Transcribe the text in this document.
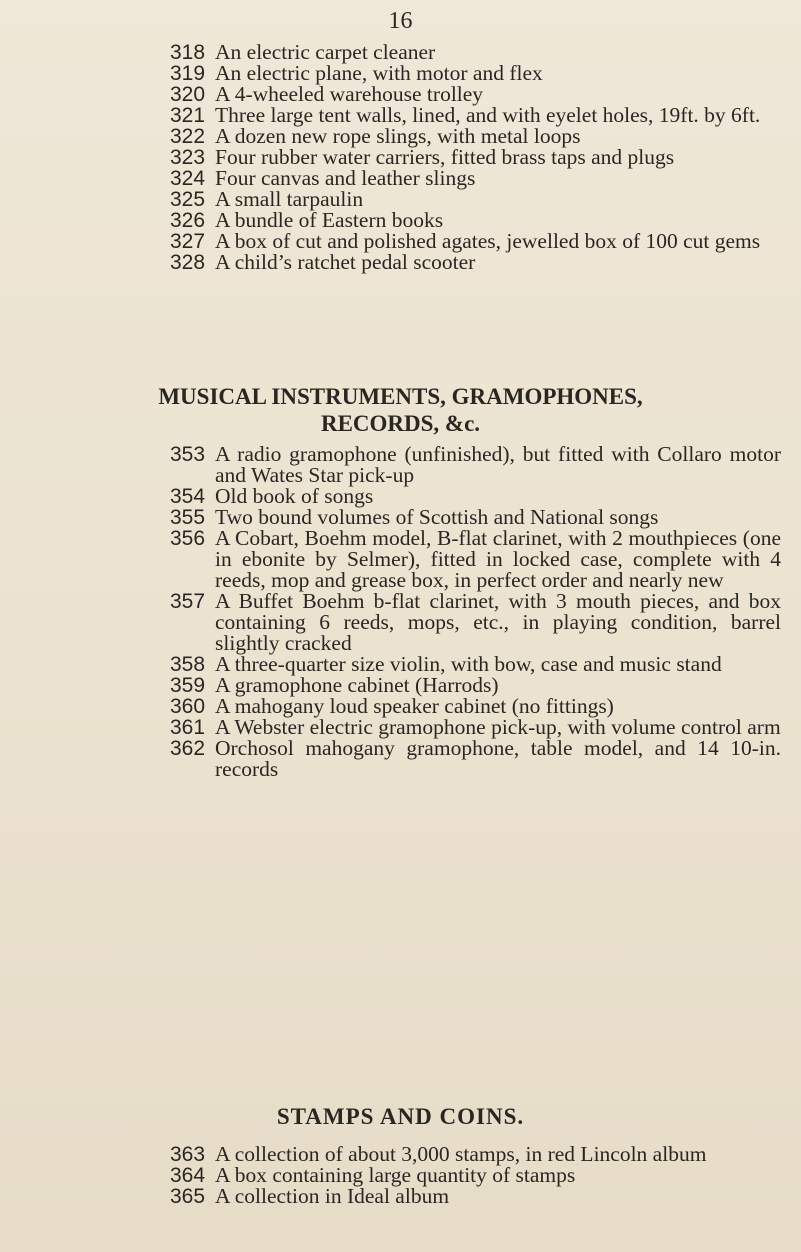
16
318 An electric carpet cleaner
319 An electric plane, with motor and flex
320 A 4-wheeled warehouse trolley
321 Three large tent walls, lined, and with eyelet holes, 19ft. by 6ft.
322 A dozen new rope slings, with metal loops
323 Four rubber water carriers, fitted brass taps and plugs
324 Four canvas and leather slings
325 A small tarpaulin
326 A bundle of Eastern books
327 A box of cut and polished agates, jewelled box of 100 cut gems
328 A child’s ratchet pedal scooter
MUSICAL INSTRUMENTS, GRAMOPHONES,
RECORDS, &c.
353 A radio gramophone (unfinished), but fitted with Collaro motor and Wates Star pick-up
354 Old book of songs
355 Two bound volumes of Scottish and National songs
356 A Cobart, Boehm model, B-flat clarinet, with 2 mouthpieces (one in ebonite by Selmer), fitted in locked case, complete with 4 reeds, mop and grease box, in perfect order and nearly new
357 A Buffet Boehm b-flat clarinet, with 3 mouth pieces, and box containing 6 reeds, mops, etc., in playing condition, barrel slightly cracked
358 A three-quarter size violin, with bow, case and music stand
359 A gramophone cabinet (Harrods)
360 A mahogany loud speaker cabinet (no fittings)
361 A Webster electric gramophone pick-up, with volume control arm
362 Orchosol mahogany gramophone, table model, and 14 10-in. records
STAMPS AND COINS.
363 A collection of about 3,000 stamps, in red Lincoln album
364 A box containing large quantity of stamps
365 A collection in Ideal album
